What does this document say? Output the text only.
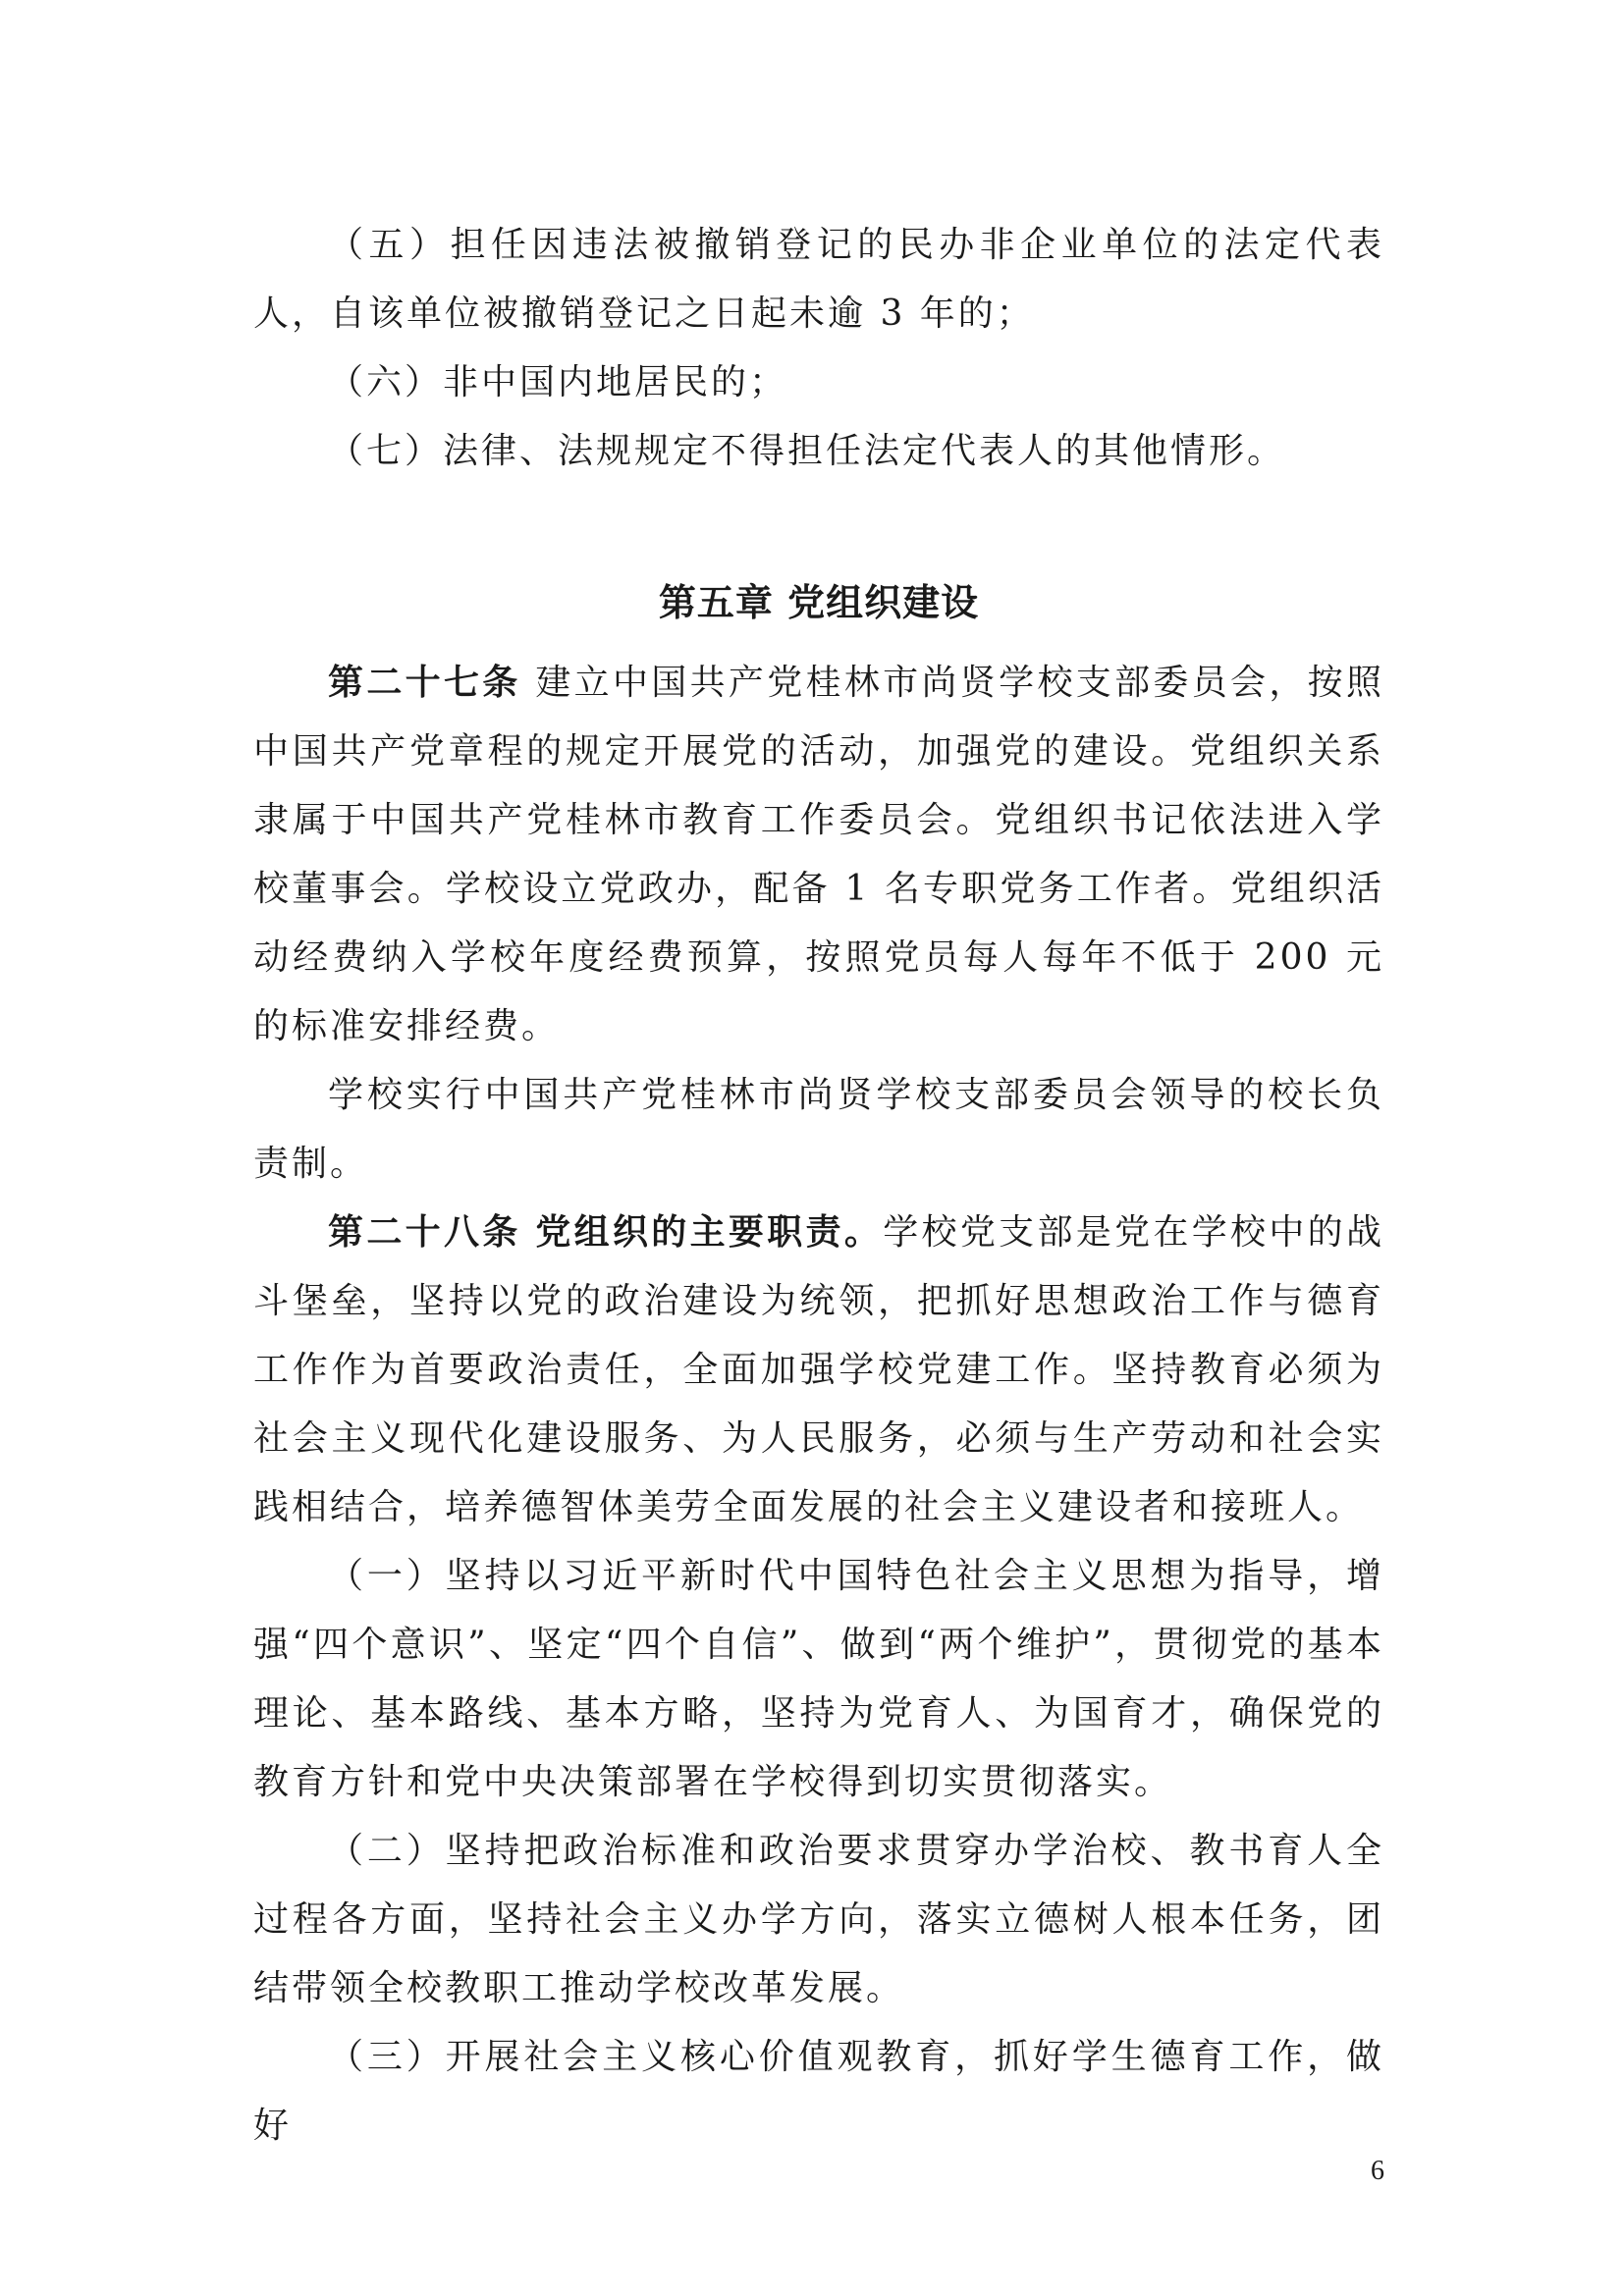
（五）担任因违法被撤销登记的民办非企业单位的法定代表人，自该单位被撤销登记之日起未逾 3 年的；

（六）非中国内地居民的；

（七）法律、法规规定不得担任法定代表人的其他情形。

第五章 党组织建设

第二十七条 建立中国共产党桂林市尚贤学校支部委员会，按照中国共产党章程的规定开展党的活动，加强党的建设。党组织关系隶属于中国共产党桂林市教育工作委员会。党组织书记依法进入学校董事会。学校设立党政办，配备 1 名专职党务工作者。党组织活动经费纳入学校年度经费预算，按照党员每人每年不低于 200 元的标准安排经费。

学校实行中国共产党桂林市尚贤学校支部委员会领导的校长负责制。

第二十八条 党组织的主要职责。学校党支部是党在学校中的战斗堡垒，坚持以党的政治建设为统领，把抓好思想政治工作与德育工作作为首要政治责任，全面加强学校党建工作。坚持教育必须为社会主义现代化建设服务、为人民服务，必须与生产劳动和社会实践相结合，培养德智体美劳全面发展的社会主义建设者和接班人。

（一）坚持以习近平新时代中国特色社会主义思想为指导，增强“四个意识”、坚定“四个自信”、做到“两个维护”，贯彻党的基本理论、基本路线、基本方略，坚持为党育人、为国育才，确保党的教育方针和党中央决策部署在学校得到切实贯彻落实。

（二）坚持把政治标准和政治要求贯穿办学治校、教书育人全过程各方面，坚持社会主义办学方向，落实立德树人根本任务，团结带领全校教职工推动学校改革发展。

（三）开展社会主义核心价值观教育，抓好学生德育工作，做好

6
